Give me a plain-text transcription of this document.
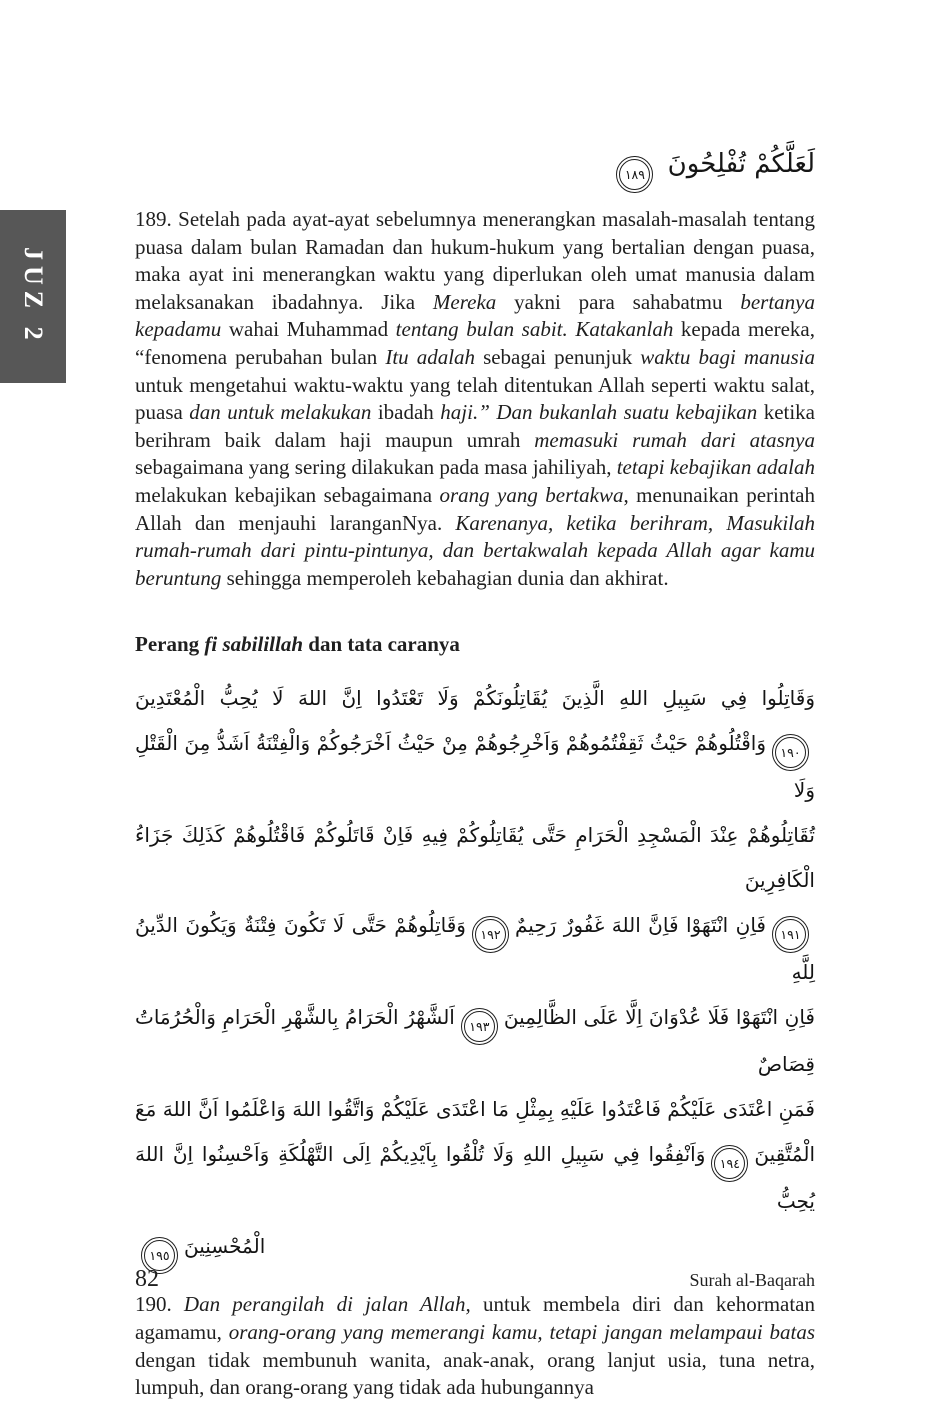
JUZ 2
لَعَلَّكُمْ تُفْلِحُونَ ١٨٩

189. Setelah pada ayat-ayat sebelumnya menerangkan masalah-masalah tentang puasa dalam bulan Ramadan dan hukum-hukum yang bertalian dengan puasa, maka ayat ini menerangkan waktu yang diperlukan oleh umat manusia dalam melaksanakan ibadahnya. Jika Mereka yakni para sahabatmu bertanya kepadamu wahai Muhammad tentang bulan sabit. Katakanlah kepada mereka, “fenomena perubahan bulan Itu adalah sebagai penunjuk waktu bagi manusia untuk mengetahui waktu-waktu yang telah ditentukan Allah seperti waktu salat, puasa dan untuk melakukan ibadah haji.” Dan bukanlah suatu kebajikan ketika berihram baik dalam haji maupun umrah memasuki rumah dari atasnya sebagaimana yang sering dilakukan pada masa jahiliyah, tetapi kebajikan adalah melakukan kebajikan sebagaimana orang yang bertakwa, menunaikan perintah Allah dan menjauhi laranganNya. Karenanya, ketika berihram, Masukilah rumah-rumah dari pintu-pintunya, dan bertakwalah kepada Allah agar kamu beruntung sehingga memperoleh kebahagian dunia dan akhirat.

Perang fi sabilillah dan tata caranya
وَقَاتِلُوا فِي سَبِيلِ اللهِ الَّذِينَ يُقَاتِلُونَكُمْ وَلَا تَعْتَدُوا اِنَّ اللهَ لَا يُحِبُّ الْمُعْتَدِينَ
١٩٠وَاقْتُلُوهُمْ حَيْثُ ثَقِفْتُمُوهُمْ وَاَخْرِجُوهُمْ مِنْ حَيْثُ اَخْرَجُوكُمْ وَالْفِتْنَةُ اَشَدُّ مِنَ الْقَتْلِ وَلَا
تُقَاتِلُوهُمْ عِنْدَ الْمَسْجِدِ الْحَرَامِ حَتَّى يُقَاتِلُوكُمْ فِيهِ فَاِنْ قَاتَلُوكُمْ فَاقْتُلُوهُمْ كَذَلِكَ جَزَاءُ الْكَافِرِينَ
١٩١فَاِنِ انْتَهَوْا فَاِنَّ اللهَ غَفُورٌ رَحِيمٌ١٩٢وَقَاتِلُوهُمْ حَتَّى لَا تَكُونَ فِتْنَةٌ وَيَكُونَ الدِّينُ لِلَّهِ
فَاِنِ انْتَهَوْا فَلَا عُدْوَانَ اِلَّا عَلَى الظَّالِمِينَ١٩٣اَلشَّهْرُ الْحَرَامُ بِالشَّهْرِ الْحَرَامِ وَالْحُرُمَاتُ قِصَاصٌ
فَمَنِ اعْتَدَى عَلَيْكُمْ فَاعْتَدُوا عَلَيْهِ بِمِثْلِ مَا اعْتَدَى عَلَيْكُمْ وَاتَّقُوا اللهَ وَاعْلَمُوا اَنَّ اللهَ مَعَ
الْمُتَّقِينَ١٩٤وَاَنْفِقُوا فِي سَبِيلِ اللهِ وَلَا تُلْقُوا بِاَيْدِيكُمْ اِلَى التَّهْلُكَةِ وَاَحْسِنُوا اِنَّ اللهَ يُحِبُّ
الْمُحْسِنِينَ١٩٥

190. Dan perangilah di jalan Allah, untuk membela diri dan kehormatan agamamu, orang-orang yang memerangi kamu, tetapi jangan melampaui batas dengan tidak membunuh wanita, anak-anak, orang lanjut usia, tuna netra, lumpuh, dan orang-orang yang tidak ada hubungannya

82	Surah al-Baqarah
